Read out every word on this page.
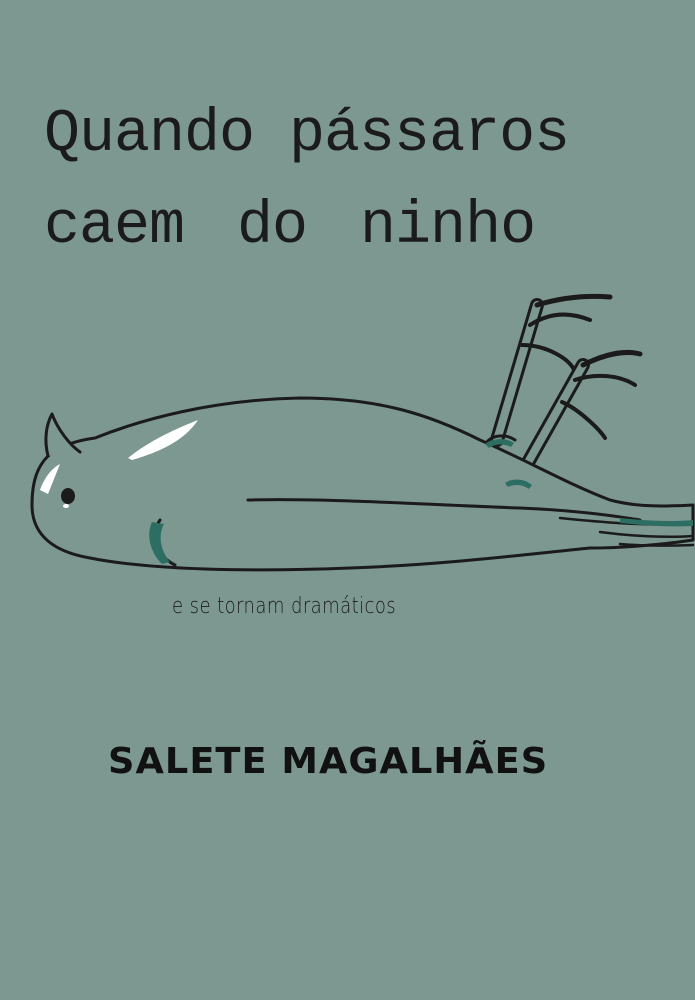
Quando pássaros
caem do ninho

e se tornam dramáticos

SALETE MAGALHÃES
